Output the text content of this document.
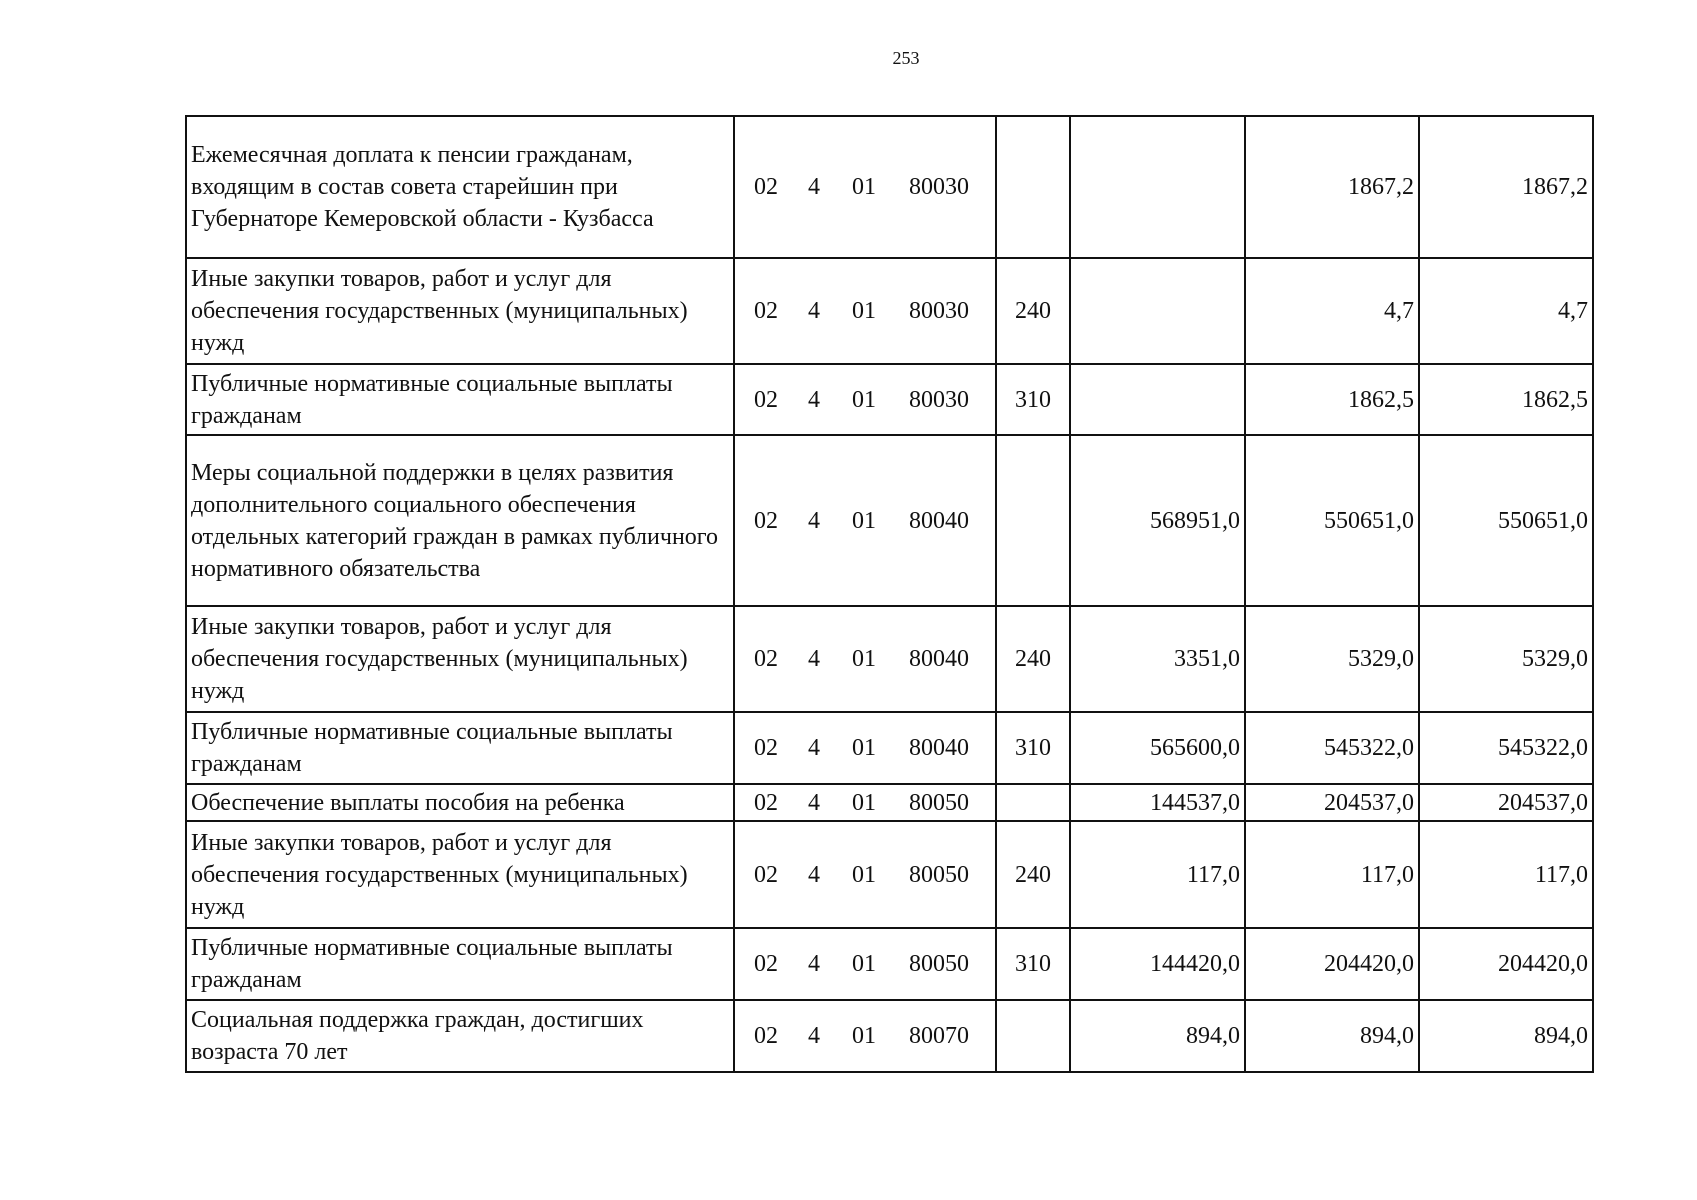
253
Ежемесячная доплата к пенсии гражданам, входящим в состав совета старейшин при Губернаторе Кемеровской области - Кузбасса	02 4 01 80030			1867,2	1867,2
Иные закупки товаров, работ и услуг для обеспечения государственных (муниципальных) нужд	02 4 01 80030	240		4,7	4,7
Публичные нормативные социальные выплаты гражданам	02 4 01 80030	310		1862,5	1862,5
Меры социальной поддержки в целях развития дополнительного социального обеспечения отдельных категорий граждан в рамках публичного нормативного обязательства	02 4 01 80040		568951,0	550651,0	550651,0
Иные закупки товаров, работ и услуг для обеспечения государственных (муниципальных) нужд	02 4 01 80040	240	3351,0	5329,0	5329,0
Публичные нормативные социальные выплаты гражданам	02 4 01 80040	310	565600,0	545322,0	545322,0
Обеспечение выплаты пособия на ребенка	02 4 01 80050		144537,0	204537,0	204537,0
Иные закупки товаров, работ и услуг для обеспечения государственных (муниципальных) нужд	02 4 01 80050	240	117,0	117,0	117,0
Публичные нормативные социальные выплаты гражданам	02 4 01 80050	310	144420,0	204420,0	204420,0
Социальная поддержка граждан, достигших возраста 70 лет	02 4 01 80070		894,0	894,0	894,0
